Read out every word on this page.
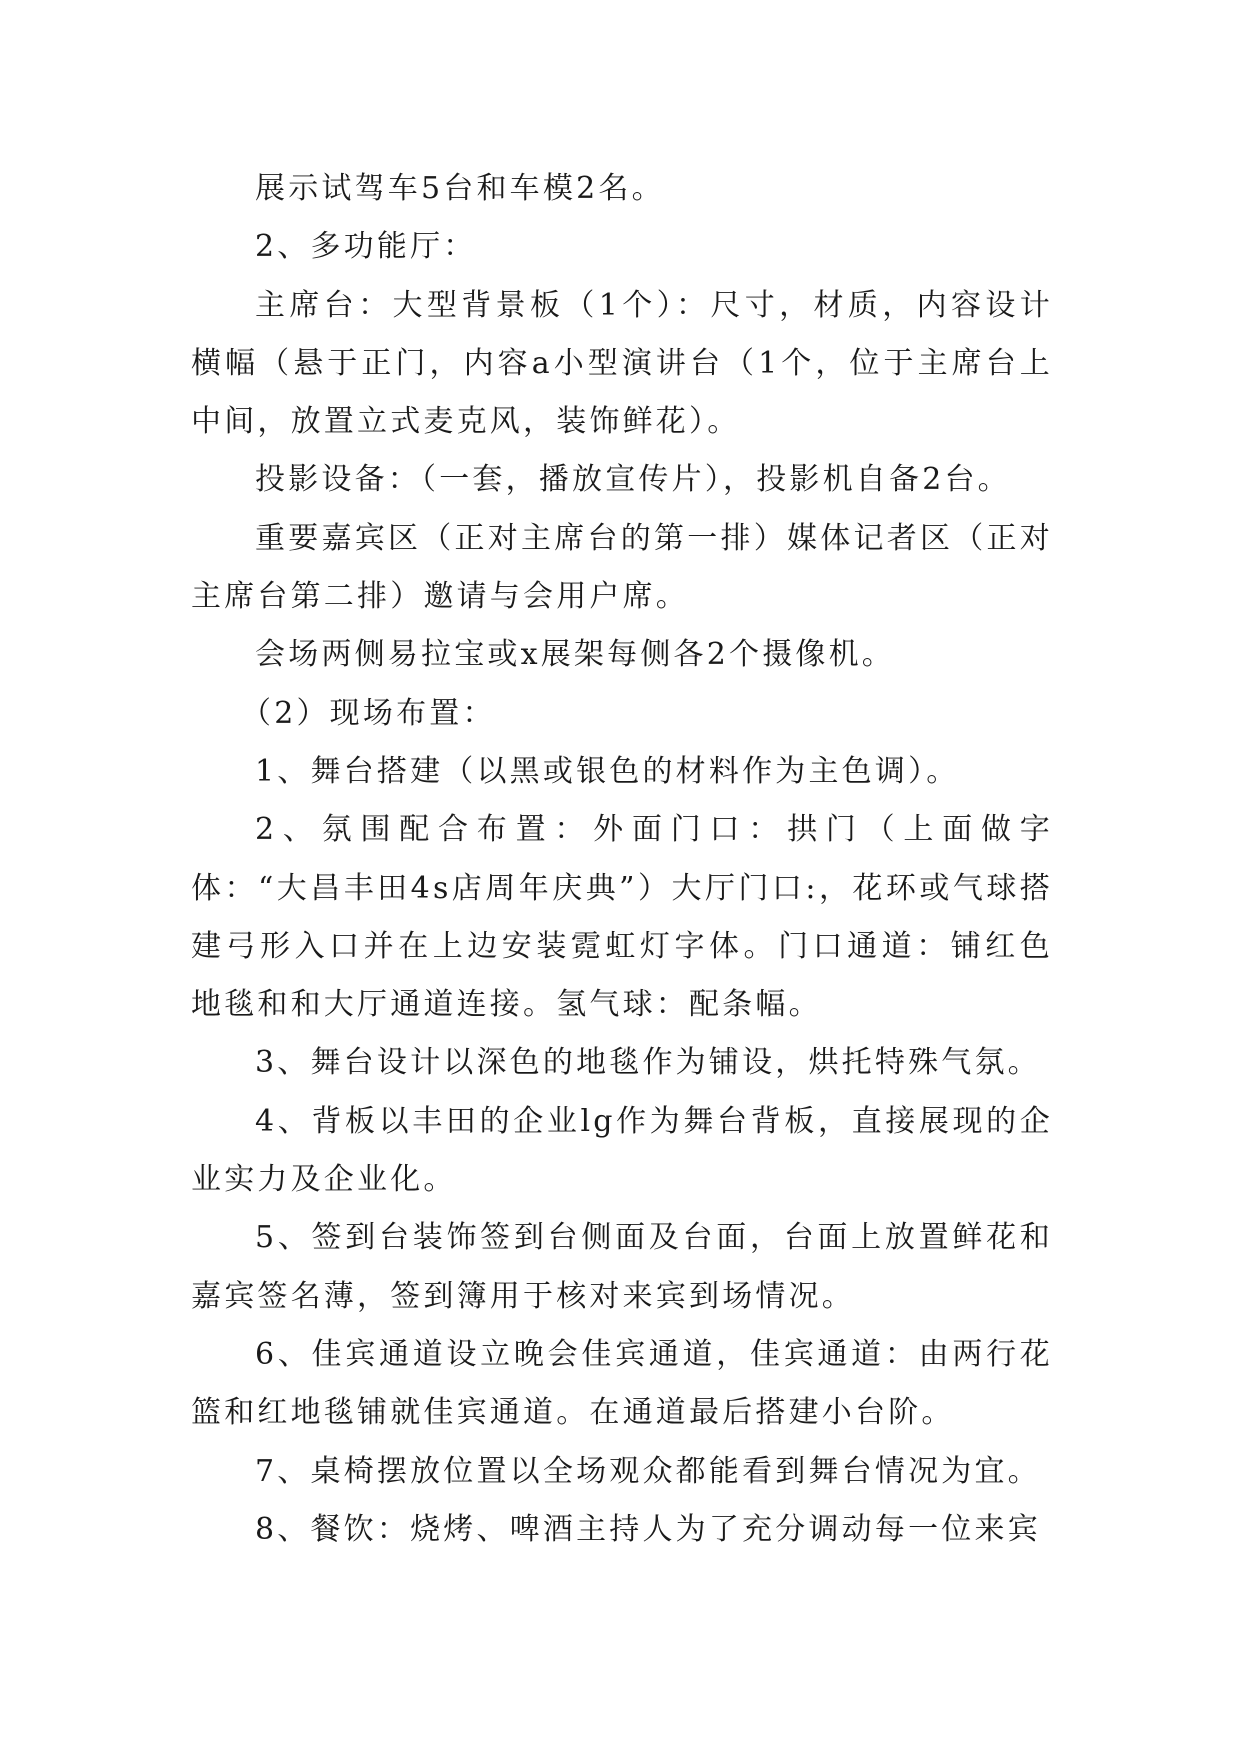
展示试驾车5台和车模2名。

2、多功能厅：

主席台：大型背景板（1个）：尺寸，材质，内容设计横幅（悬于正门，内容a小型演讲台（1个，位于主席台上中间，放置立式麦克风，装饰鲜花）。

投影设备：（一套，播放宣传片），投影机自备2台。

重要嘉宾区（正对主席台的第一排）媒体记者区（正对主席台第二排）邀请与会用户席。

会场两侧易拉宝或x展架每侧各2个摄像机。

（2）现场布置：

1、舞台搭建（以黑或银色的材料作为主色调）。

2、氛围配合布置：外面门口：拱门（上面做字体：“大昌丰田4s店周年庆典”）大厅门口:，花环或气球搭建弓形入口并在上边安装霓虹灯字体。门口通道：铺红色地毯和和大厅通道连接。氢气球：配条幅。

3、舞台设计以深色的地毯作为铺设，烘托特殊气氛。

4、背板以丰田的企业lg作为舞台背板，直接展现的企业实力及企业化。

5、签到台装饰签到台侧面及台面，台面上放置鲜花和嘉宾签名薄，签到簿用于核对来宾到场情况。

6、佳宾通道设立晚会佳宾通道，佳宾通道：由两行花篮和红地毯铺就佳宾通道。在通道最后搭建小台阶。

7、桌椅摆放位置以全场观众都能看到舞台情况为宜。

8、餐饮：烧烤、啤酒主持人为了充分调动每一位来宾
